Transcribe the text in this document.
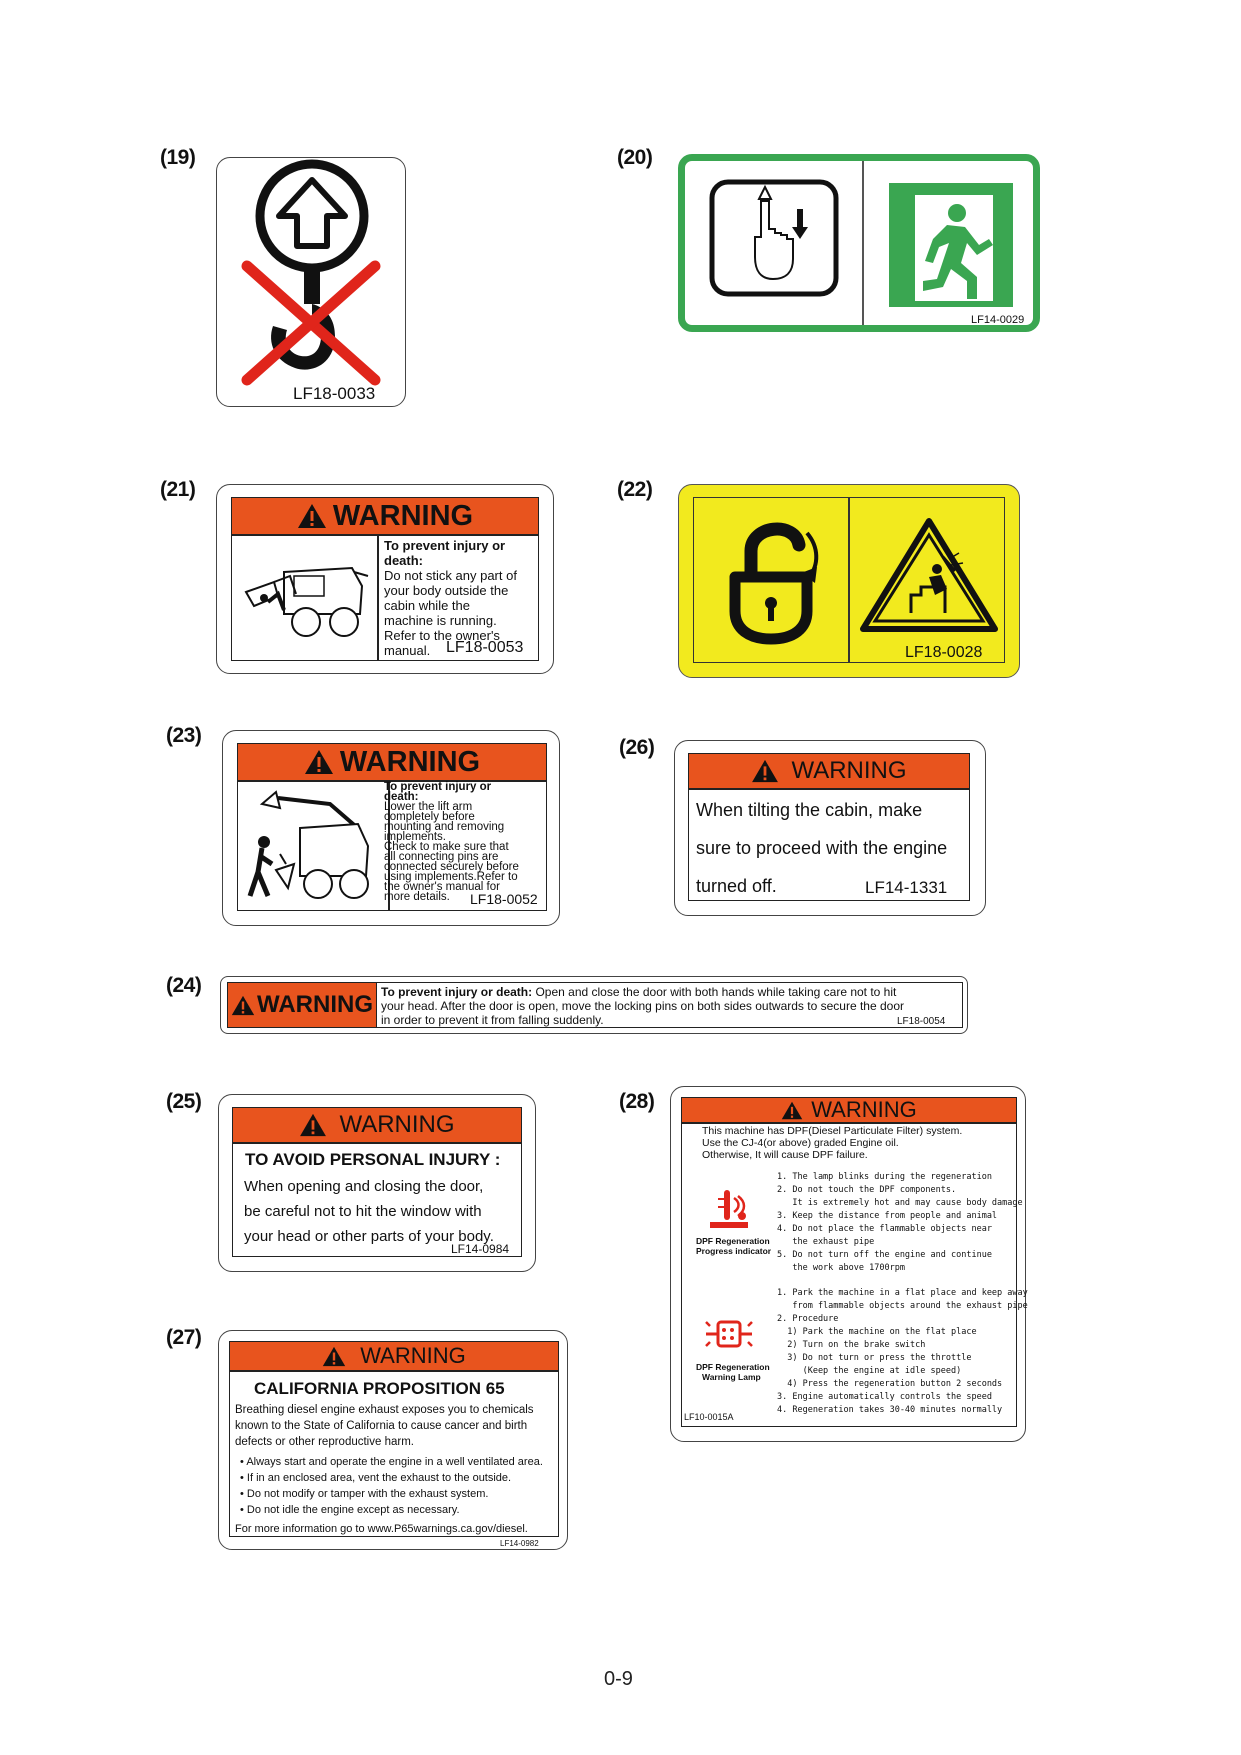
(19)
LF18-0033
(20)
LF14-0029
(21)
WARNING
To prevent injury or
death:
Do not stick any part of
your body outside the
cabin while the
machine is running.
Refer to the owner's
manual. LF18-0053
(22)
LF18-0028
(23)
WARNING
To prevent injury or
death:
Lower the lift arm
completely before
mounting and removing
implements.
Check to make sure that
all connecting pins are
connected securely before
using implements.Refer to
the owner's manual for
more details. LF18-0052
(26)
WARNING
When tilting the cabin, make
sure to proceed with the engine
turned off.	LF14-1331
(24)
WARNING To prevent injury or death: Open and close the door with both hands while taking care not to hit
your head. After the door is open, move the locking pins on both sides outwards to secure the door
in order to prevent it from falling suddenly.	LF18-0054
(25)
WARNING
TO AVOID PERSONAL INJURY :
When opening and closing the door,
be careful not to hit the window with
your head or other parts of your body.
LF14-0984
(27)
WARNING
CALIFORNIA PROPOSITION 65
Breathing diesel engine exhaust exposes you to chemicals
known to the State of California to cause cancer and birth
defects or other reproductive harm.
• Always start and operate the engine in a well ventilated area.
• If in an enclosed area, vent the exhaust to the outside.
• Do not modify or tamper with the exhaust system.
• Do not idle the engine except as necessary.
For more information go to www.P65warnings.ca.gov/diesel.
LF14-0982
(28)	WARNING
This machine has DPF(Diesel Particulate Filter) system.
Use the CJ-4(or above) graded Engine oil.
Otherwise, It will cause DPF failure.
DPF Regeneration
Progress indicator
1. The lamp blinks during the regeneration
2. Do not touch the DPF components.
It is extremely hot and may cause body damage
3. Keep the distance from people and animal
4. Do not place the flammable objects near
the exhaust pipe
5. Do not turn off the engine and continue
the work above 1700rpm
DPF Regeneration
Warning Lamp
1. Park the machine in a flat place and keep away
from flammable objects around the exhaust pipe
2. Procedure
1) Park the machine on the flat place
2) Turn on the brake switch
3) Do not turn or press the throttle
(Keep the engine at idle speed)
4) Press the regeneration button 2 seconds
3. Engine automatically controls the speed
4. Regeneration takes 30-40 minutes normally
LF10-0015A
0-9
